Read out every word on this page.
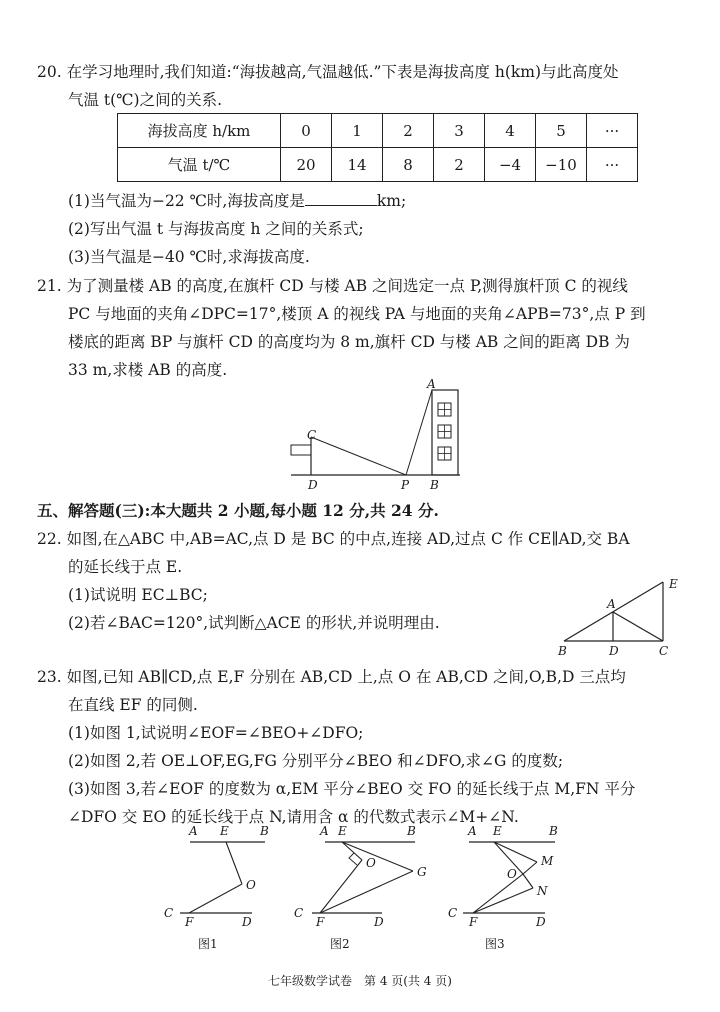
20. 在学习地理时,我们知道:“海拔越高,气温越低.”下表是海拔高度 h(km)与此高度处
气温 t(℃)之间的关系.
海拔高度 h/km	0	1	2	3	4	5	···
气温 t/℃	20	14	8	2	−4	−10	···
(1)当气温为−22 ℃时,海拔高度是	km;
(2)写出气温 t 与海拔高度 h 之间的关系式;
(3)当气温是−40 ℃时,求海拔高度.
21. 为了测量楼 AB 的高度,在旗杆 CD 与楼 AB 之间选定一点 P,测得旗杆顶 C 的视线
PC 与地面的夹角∠DPC=17°,楼顶 A 的视线 PA 与地面的夹角∠APB=73°,点 P 到
楼底的距离 BP 与旗杆 CD 的高度均为 8 m,旗杆 CD 与楼 AB 之间的距离 DB 为
33 m,求楼 AB 的高度.
A
C
D	P B
五、解答题(三):本大题共 2 小题,每小题 12 分,共 24 分.
22. 如图,在△ABC 中,AB=AC,点 D 是 BC 的中点,连接 AD,过点 C 作 CE∥AD,交 BA
的延长线于点 E.
(1)试说明 EC⊥BC;
(2)若∠BAC=120°,试判断△ACE 的形状,并说明理由.
E
A
B	D	C
23. 如图,已知 AB∥CD,点 E,F 分别在 AB,CD 上,点 O 在 AB,CD 之间,O,B,D 三点均
在直线 EF 的同侧.
(1)如图 1,试说明∠EOF=∠BEO+∠DFO;
(2)如图 2,若 OE⊥OF,EG,FG 分别平分∠BEO 和∠DFO,求∠G 的度数;
(3)如图 3,若∠EOF 的度数为 α,EM 平分∠BEO 交 FO 的延长线于点 M,FN 平分
∠DFO 交 EO 的延长线于点 N,请用含 α 的代数式表示∠M+∠N.
A E	B
O
C
F	D
图1
A E	B
O
G
C
F	D
图2
A E	B
M
O
N
C
F	D
图3
七年级数学试卷　第 4 页(共 4 页)
